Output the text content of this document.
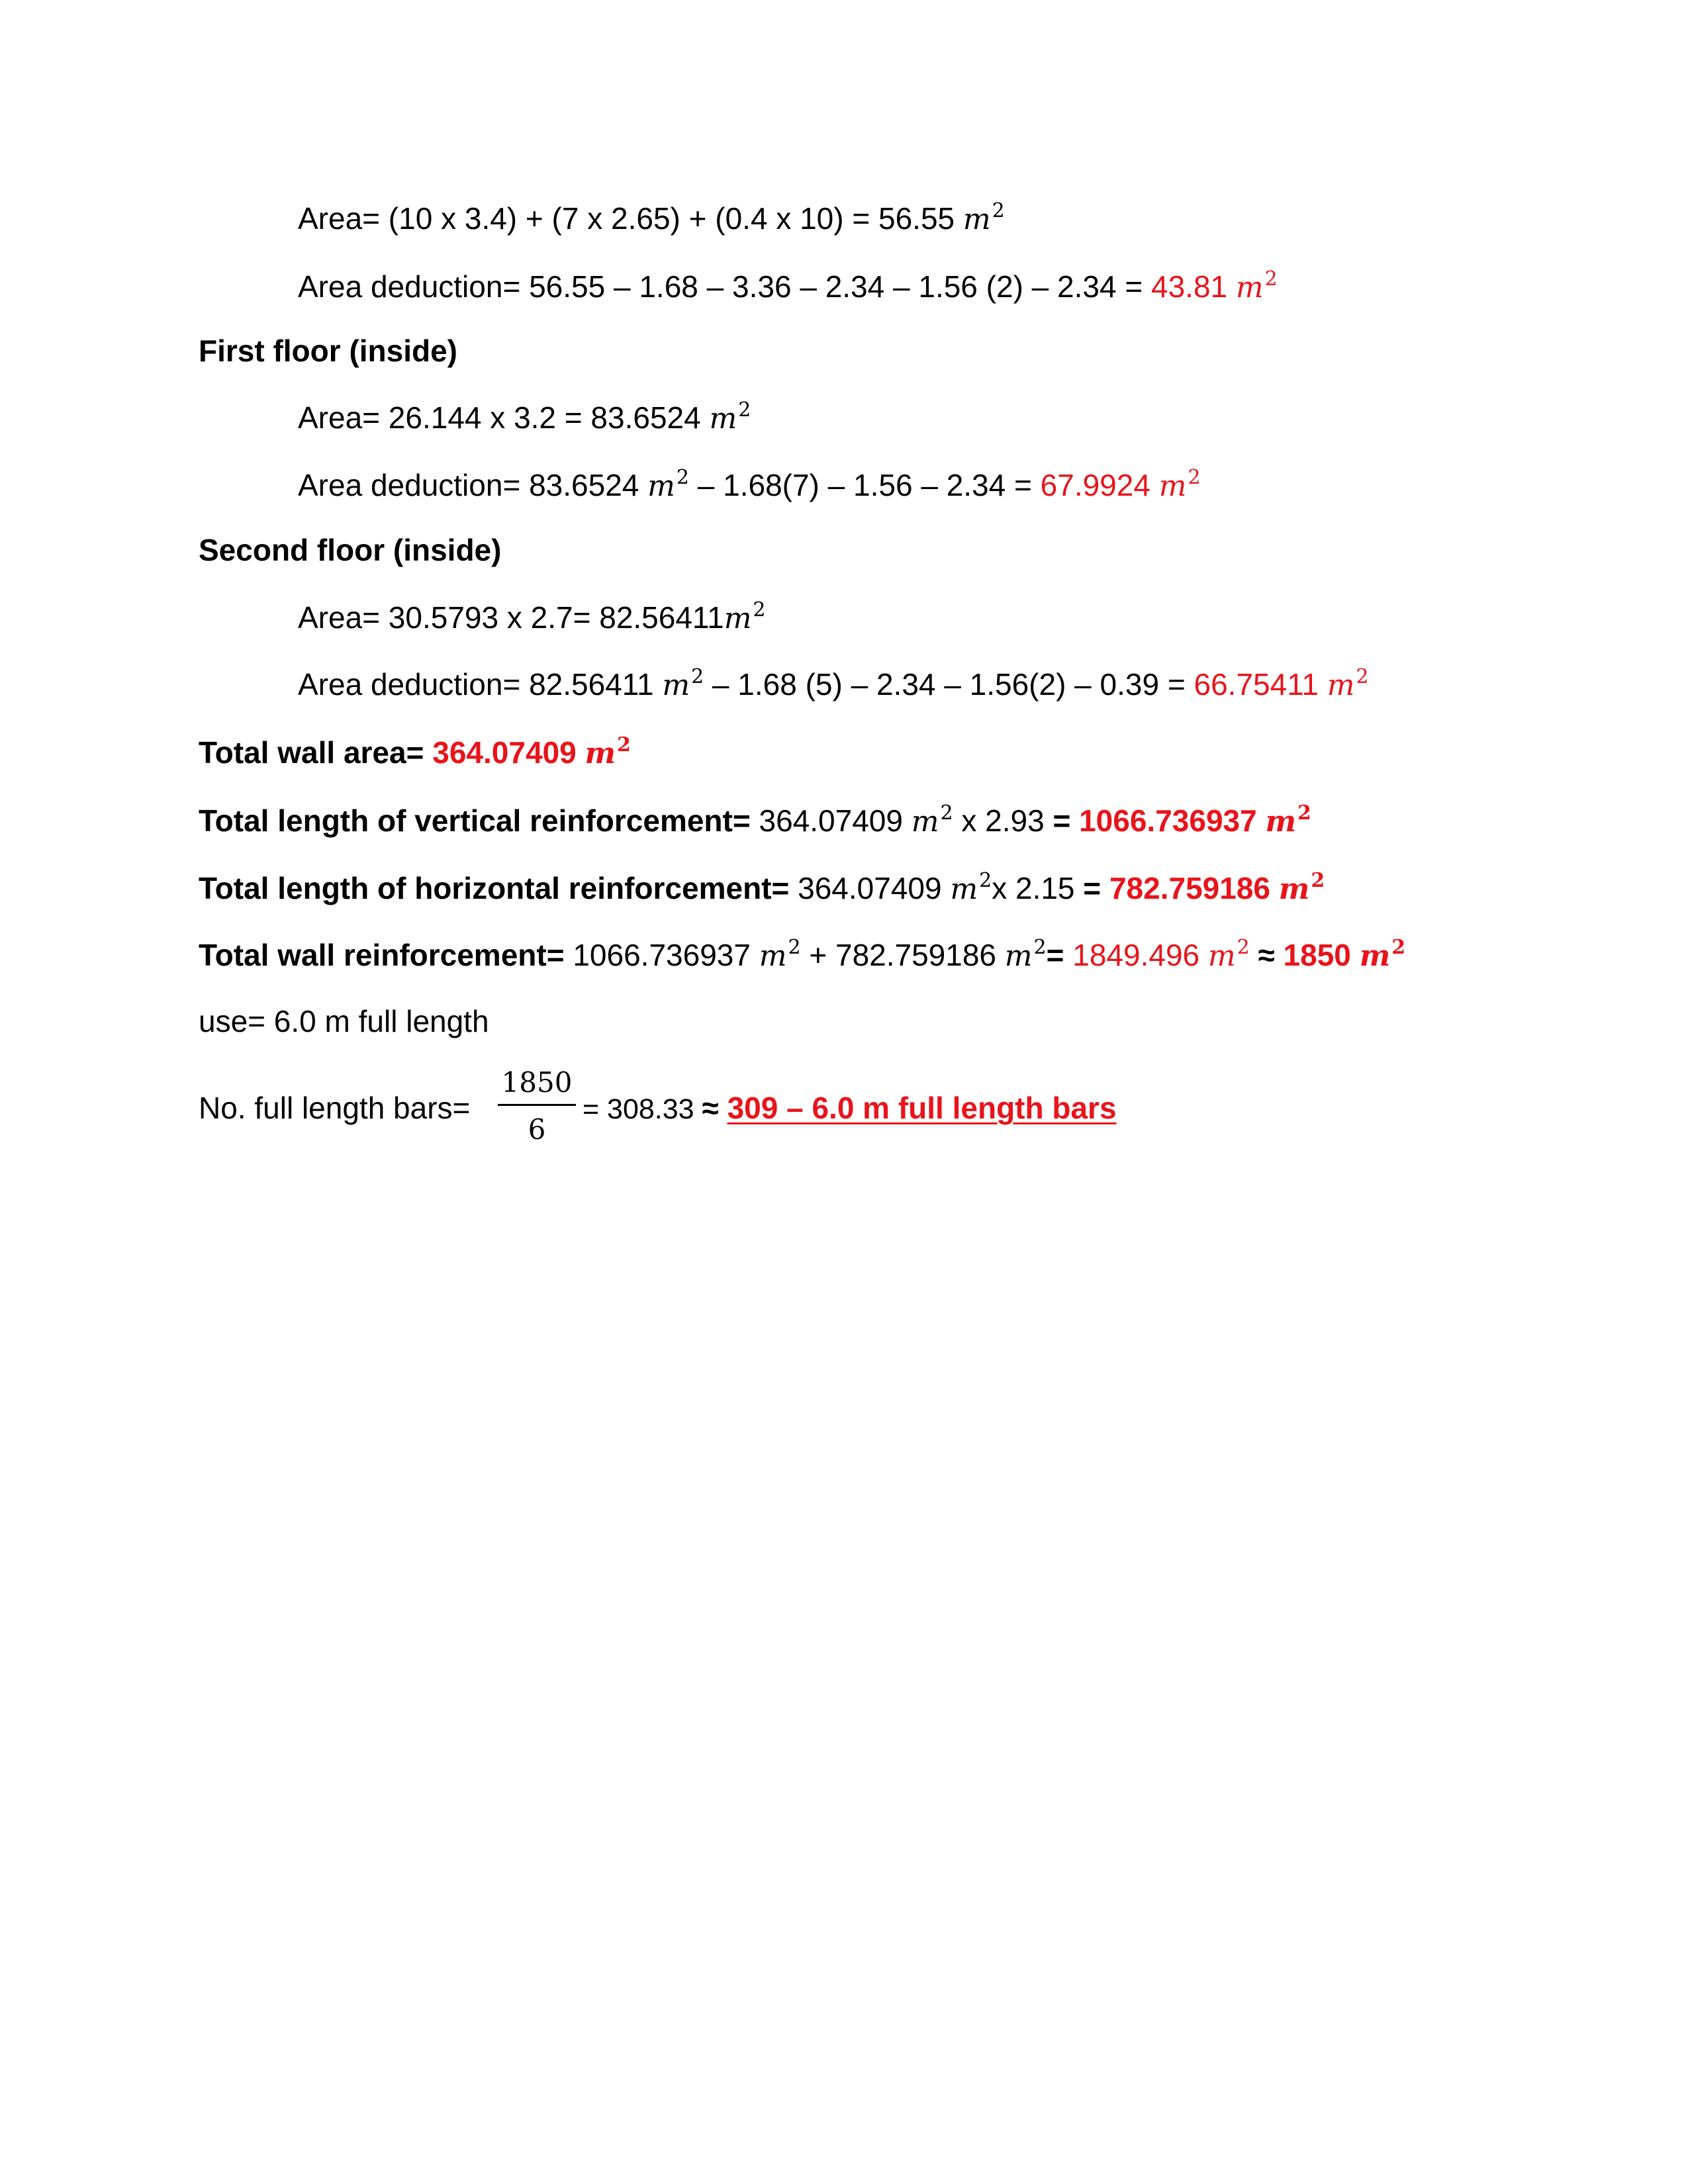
Area= (10 x 3.4) + (7 x 2.65) + (0.4 x 10) = 56.55 $m^2$
Area deduction= 56.55 – 1.68 – 3.36 – 2.34 – 1.56 (2) – 2.34 = 43.81 $m^2$
First floor (inside)
Area= 26.144 x 3.2 = 83.6524 $m^2$
Area deduction= 83.6524 $m^2 - 1.68(7) - 1.56 - 2.34 = 67.9924$ $m^2$
Second floor (inside)
Area= 30.5793 x $2.7= 82.56411m^2$
Area deduction= 82.56411 $m^2 - 1.68$ (5) – 2.34 – 1.56(2) – 0.39 = 66.75411 $m^2$
Total wall area= 364.07409 $m^2$
Total length of vertical reinforcement= 364.07409 $m^2$ x 2.93 = 1066.736937 $m^2$
Total length of horizontal reinforcement= 364.07409 $m^2x$ 2.15 = 782.759186 $m^2$
Total wall reinforcement= 1066.736937 $m^2 + 782.759186$ $m^2= 1849.496$ $m^2 \approx 1850$ $m^2$
use= 6.0 m full length
No. full length bars= $\frac{1850}{6} = 308.33 \approx 309 - 6.0$ m full length bars
